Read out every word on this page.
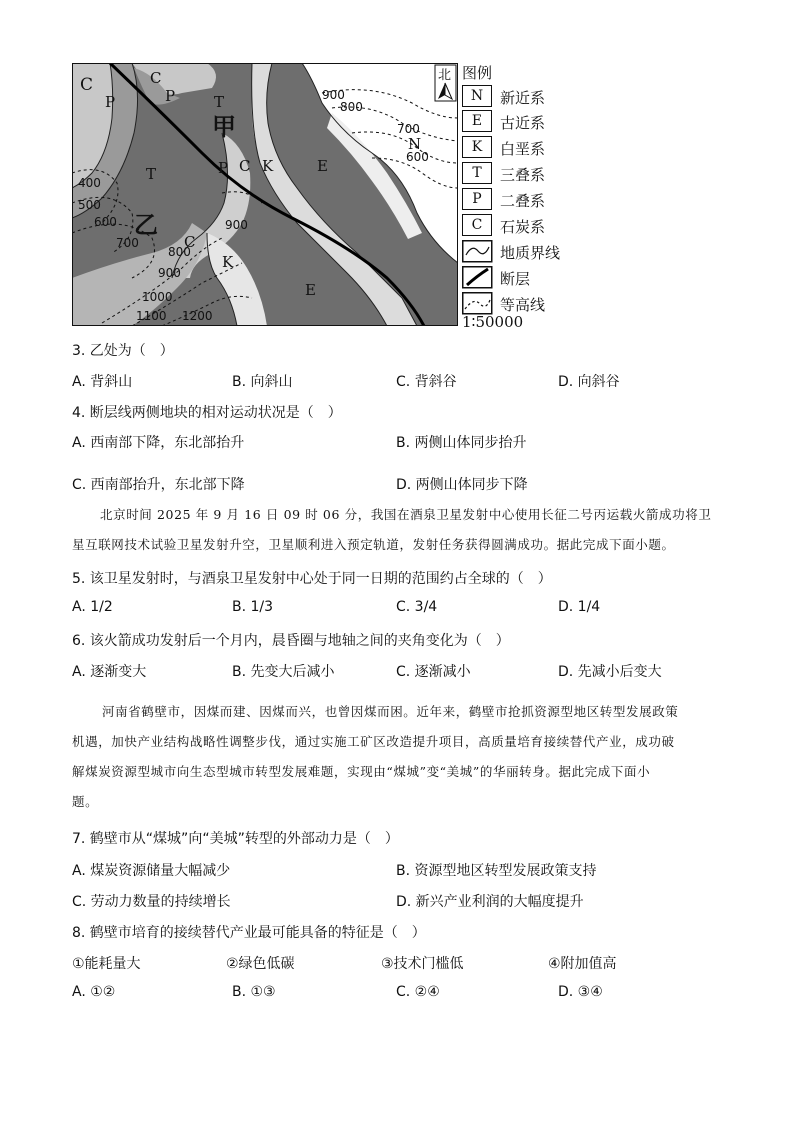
C
P
C
P	T
甲
T	P C K	E
N
乙
C
K
E
900
800
700
600
400
500
600
700
800
900
900
1000
1100 1200
北 图例
N	新近系
E	古近系
K	白垩系
T	三叠系
P	二叠系
C	石炭系
地质界线
断层
等高线
1∶50000
3. 乙处为（　）
A. 背斜山	B. 向斜山	C. 背斜谷	D. 向斜谷
4. 断层线两侧地块的相对运动状况是（　）
A. 西南部下降，东北部抬升	B. 两侧山体同步抬升
C. 西南部抬升，东北部下降	D. 两侧山体同步下降
北京时间 2025 年 9 月 16 日 09 时 06 分，我国在酒泉卫星发射中心使用长征二号丙运载火箭成功将卫
星互联网技术试验卫星发射升空，卫星顺利进入预定轨道，发射任务获得圆满成功。据此完成下面小题。
5. 该卫星发射时，与酒泉卫星发射中心处于同一日期的范围约占全球的（　）
A. 1/2	B. 1/3	C. 3/4	D. 1/4
6. 该火箭成功发射后一个月内，晨昏圈与地轴之间的夹角变化为（　）
A. 逐渐变大	B. 先变大后减小	C. 逐渐减小	D. 先减小后变大
河南省鹤壁市，因煤而建、因煤而兴，也曾因煤而困。近年来，鹤壁市抢抓资源型地区转型发展政策
机遇，加快产业结构战略性调整步伐，通过实施工矿区改造提升项目，高质量培育接续替代产业，成功破
解煤炭资源型城市向生态型城市转型发展难题，实现由“煤城”变“美城”的华丽转身。据此完成下面小
题。
7. 鹤壁市从“煤城”向“美城”转型的外部动力是（　）
A. 煤炭资源储量大幅减少	B. 资源型地区转型发展政策支持
C. 劳动力数量的持续增长	D. 新兴产业利润的大幅度提升
8. 鹤壁市培育的接续替代产业最可能具备的特征是（　）
①能耗量大	②绿色低碳	③技术门槛低	④附加值高
A. ①②	B. ①③	C. ②④	D. ③④
